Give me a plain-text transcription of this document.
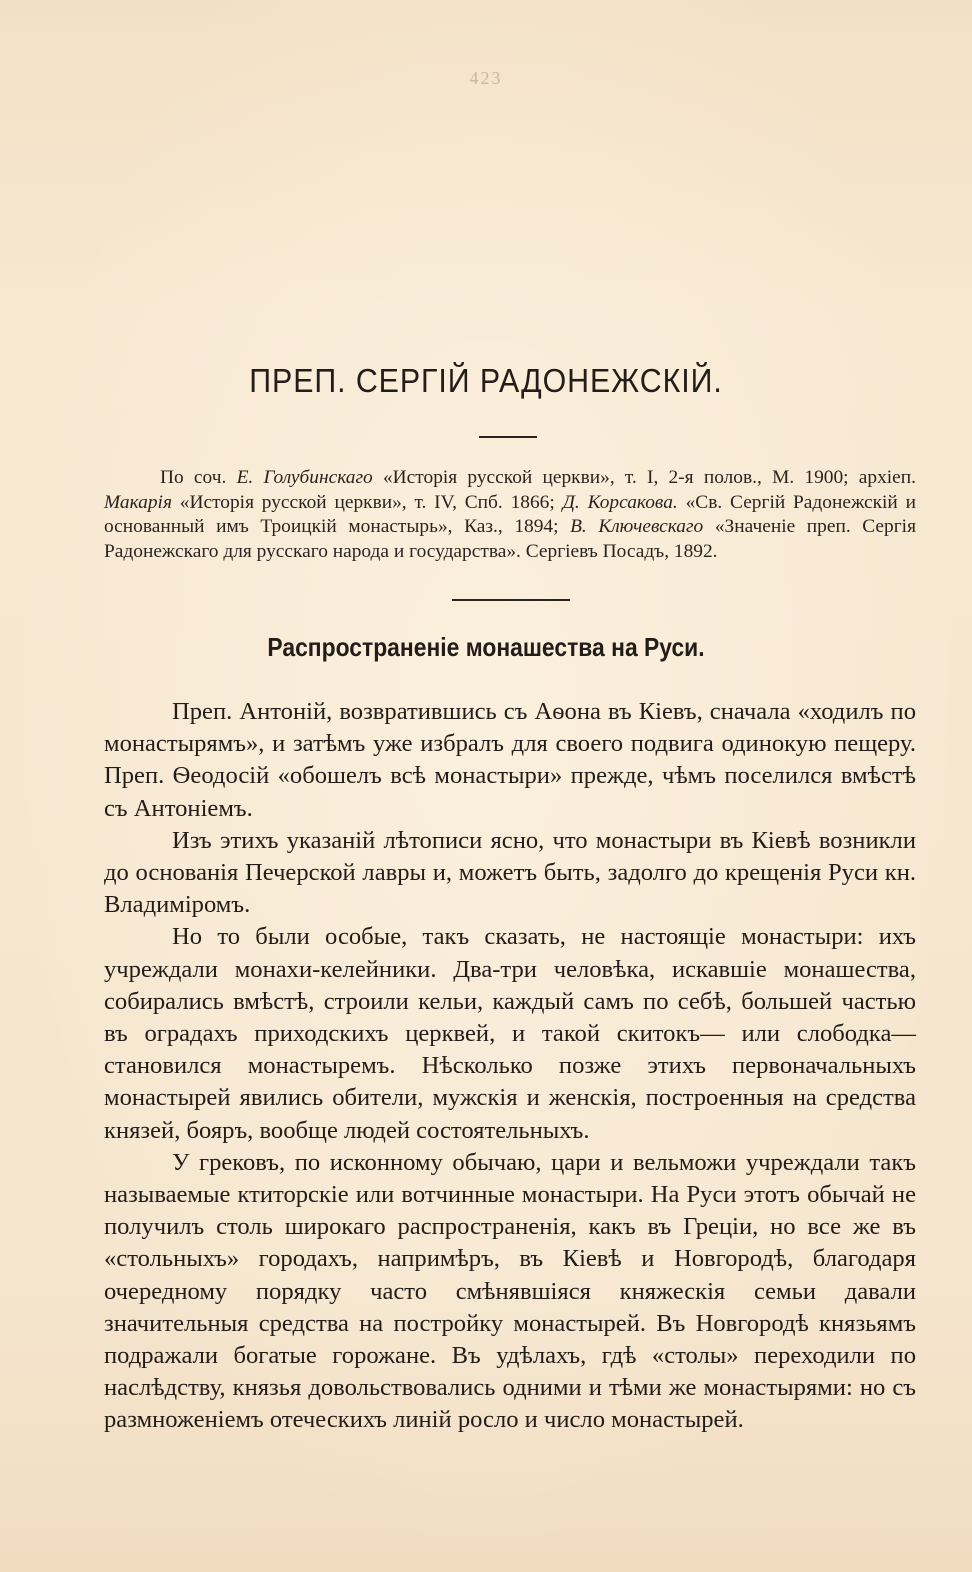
423
ПРЕП. СЕРГІЙ РАДОНЕЖСКІЙ.
По соч. Е. Голубинскаго «Исторія русской церкви», т. I, 2-я полов., М. 1900; архіеп. Макарія «Исторія русской церкви», т. IV, Спб. 1866; Д. Корсакова. «Св. Сергій Радонежскій и основанный имъ Троицкій монастырь», Каз., 1894; В. Ключевскаго «Значеніе преп. Сергія Радонежскаго для русскаго народа и государства». Сергіевъ Посадъ, 1892.
Распространеніе монашества на Руси.

Преп. Антоній, возвратившись съ Аѳона въ Кіевъ, сначала «ходилъ по монастырямъ», и затѣмъ уже избралъ для своего подвига одинокую пещеру. Преп. Ѳеодосій «обошелъ всѣ монастыри» прежде, чѣмъ поселился вмѣстѣ съ Антоніемъ.

Изъ этихъ указаній лѣтописи ясно, что монастыри въ Кіевѣ возникли до основанія Печерской лавры и, можетъ быть, задолго до крещенія Руси кн. Владиміромъ.

Но то были особые, такъ сказать, не настоящіе монастыри: ихъ учреждали монахи-келейники. Два-три человѣка, искавшіе монашества, собирались вмѣстѣ, строили кельи, каждый самъ по себѣ, большей частью въ оградахъ приходскихъ церквей, и такой скитокъ— или слободка—становился монастыремъ. Нѣсколько позже этихъ первоначальныхъ монастырей явились обители, мужскія и женскія, построенныя на средства князей, бояръ, вообще людей состоятельныхъ.

У грековъ, по исконному обычаю, цари и вельможи учреждали такъ называемые ктиторскіе или вотчинные монастыри. На Руси этотъ обычай не получилъ столь широкаго распространенія, какъ въ Греціи, но все же въ «стольныхъ» городахъ, напримѣръ, въ Кіевѣ и Новгородѣ, благодаря очередному порядку часто смѣнявшіяся княжескія семьи давали значительныя средства на постройку монастырей. Въ Новгородѣ князьямъ подражали богатые горожане. Въ удѣлахъ, гдѣ «столы» переходили по наслѣдству, князья довольствовались одними и тѣми же монастырями: но съ размноженіемъ отеческихъ линій росло и число монастырей.
